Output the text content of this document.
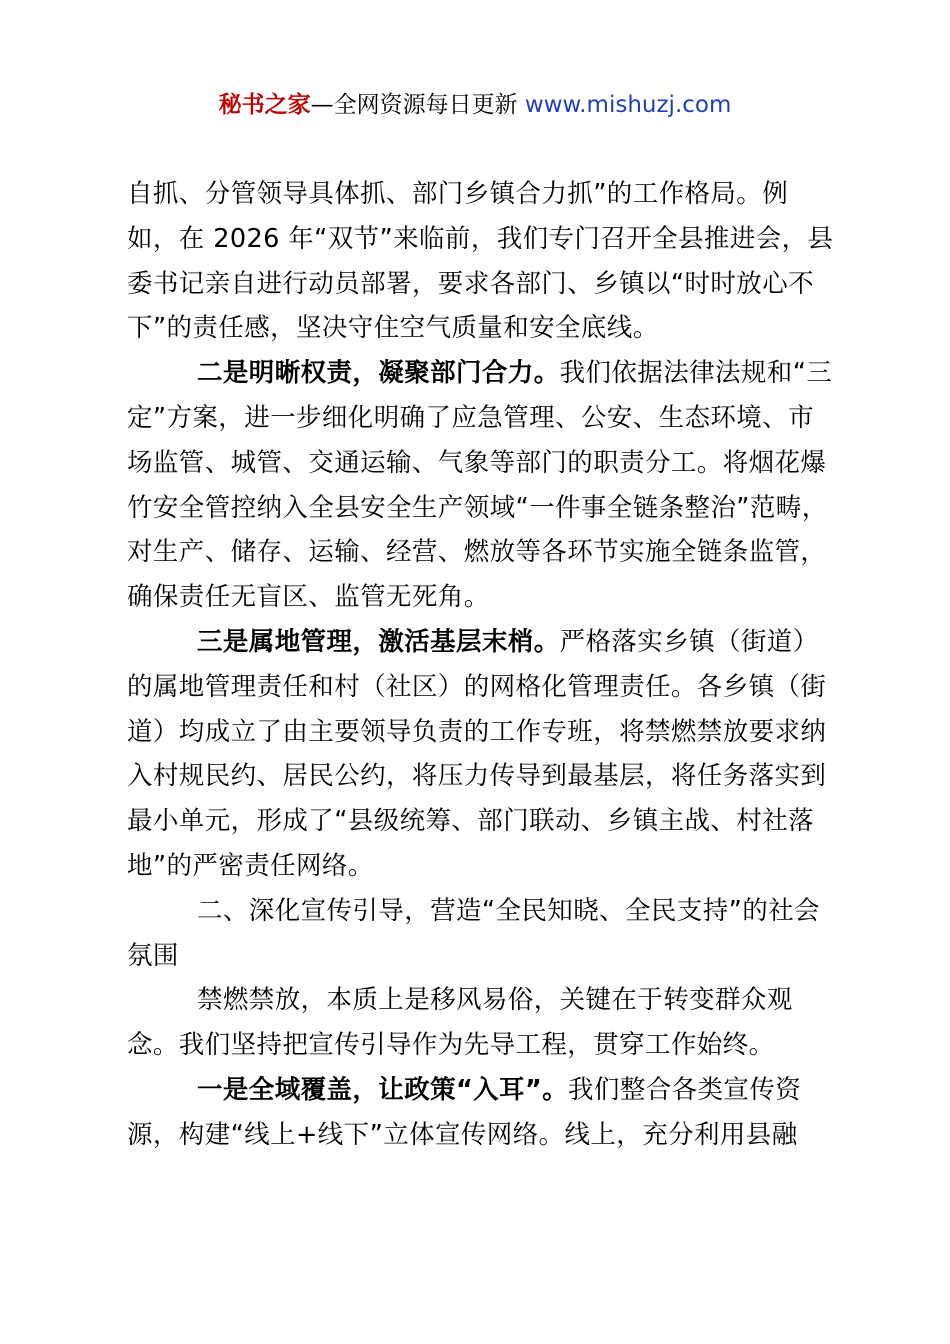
秘书之家—全网资源每日更新 www.mishuzj.com

自抓、分管领导具体抓、部门乡镇合力抓”的工作格局。例如，在 2026 年“双节”来临前，我们专门召开全县推进会，县委书记亲自进行动员部署，要求各部门、乡镇以“时时放心不下”的责任感，坚决守住空气质量和安全底线。

二是明晰权责，凝聚部门合力。我们依据法律法规和“三定”方案，进一步细化明确了应急管理、公安、生态环境、市场监管、城管、交通运输、气象等部门的职责分工。将烟花爆竹安全管控纳入全县安全生产领域“一件事全链条整治”范畴，对生产、储存、运输、经营、燃放等各环节实施全链条监管，确保责任无盲区、监管无死角。

三是属地管理，激活基层末梢。严格落实乡镇（街道）的属地管理责任和村（社区）的网格化管理责任。各乡镇（街道）均成立了由主要领导负责的工作专班，将禁燃禁放要求纳入村规民约、居民公约，将压力传导到最基层，将任务落实到最小单元，形成了“县级统筹、部门联动、乡镇主战、村社落地”的严密责任网络。

二、深化宣传引导，营造“全民知晓、全民支持”的社会氛围

禁燃禁放，本质上是移风易俗，关键在于转变群众观念。我们坚持把宣传引导作为先导工程，贯穿工作始终。

一是全域覆盖，让政策“入耳”。我们整合各类宣传资源，构建“线上+线下”立体宣传网络。线上，充分利用县融
